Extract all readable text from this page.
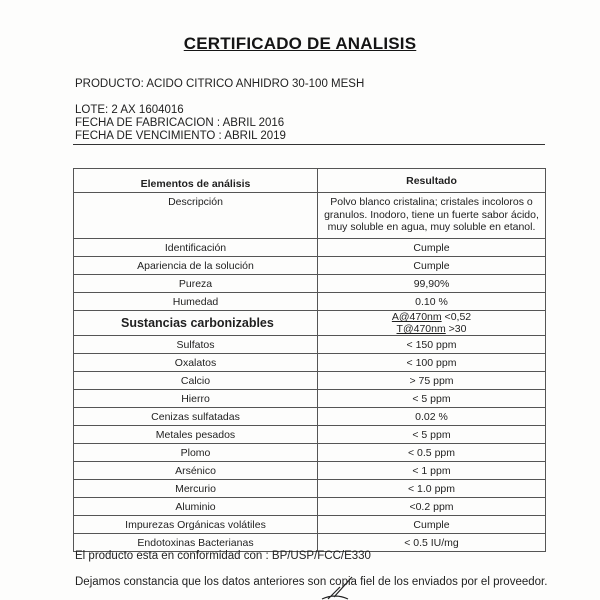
CERTIFICADO DE ANALISIS
PRODUCTO: ACIDO CITRICO ANHIDRO 30-100 MESH
LOTE: 2 AX 1604016
FECHA DE FABRICACION : ABRIL 2016
FECHA DE VENCIMIENTO : ABRIL 2019
Elementos de análisis	Resultado
Descripción	Polvo blanco cristalina; cristales incoloros o
granulos. Inodoro, tiene un fuerte sabor ácido,
muy soluble en agua, muy soluble en etanol.

Identificación	Cumple
Apariencia de la solución	Cumple
Pureza	99,90%
Humedad	0.10 %
Sustancias carbonizables	A@470nm <0,52
T@470nm >30

Sulfatos	< 150 ppm
Oxalatos	< 100 ppm
Calcio	> 75 ppm
Hierro	< 5 ppm
Cenizas sulfatadas	0.02 %
Metales pesados	< 5 ppm
Plomo	< 0.5 ppm
Arsénico	< 1 ppm
Mercurio	< 1.0 ppm
Aluminio	<0.2 ppm
Impurezas Orgánicas volátiles	Cumple
Endotoxinas Bacterianas	< 0.5 IU/mg
El producto esta en conformidad con : BP/USP/FCC/E330
Dejamos constancia que los datos anteriores son copia fiel de los enviados por el proveedor.
